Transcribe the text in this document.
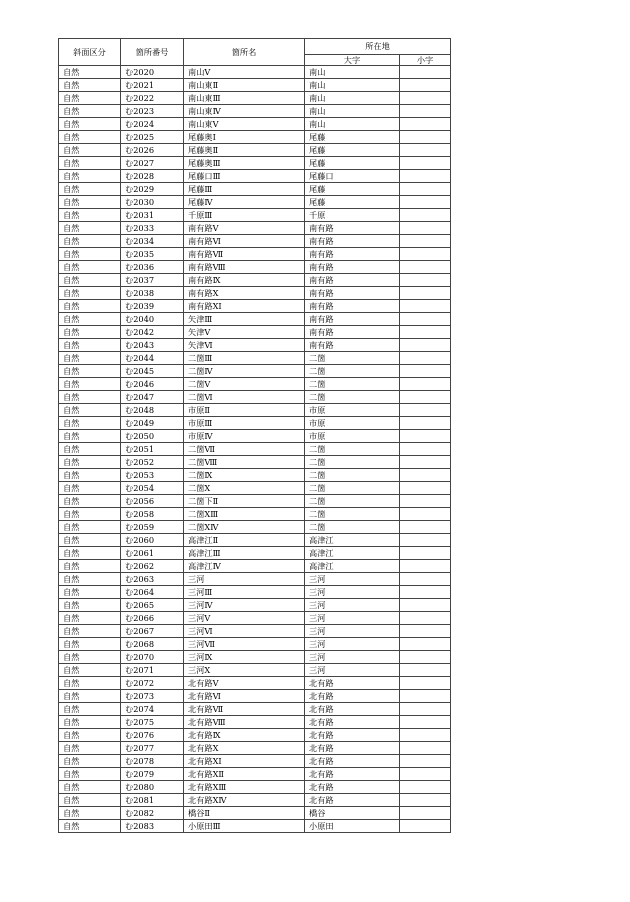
斜面区分	箇所番号	箇所名	所在地	
			大字	小字
自然	む2020	南山Ⅴ	南山	
自然	む2021	南山東Ⅱ	南山	
自然	む2022	南山東Ⅲ	南山	
自然	む2023	南山東Ⅳ	南山	
自然	む2024	南山東Ⅴ	南山	
自然	む2025	尾藤奥Ⅰ	尾藤	
自然	む2026	尾藤奥Ⅱ	尾藤	
自然	む2027	尾藤奥Ⅲ	尾藤	
自然	む2028	尾藤口Ⅲ	尾藤口	
自然	む2029	尾藤Ⅲ	尾藤	
自然	む2030	尾藤Ⅳ	尾藤	
自然	む2031	千原Ⅲ	千原	
自然	む2033	南有路Ⅴ	南有路	
自然	む2034	南有路Ⅵ	南有路	
自然	む2035	南有路Ⅶ	南有路	
自然	む2036	南有路Ⅷ	南有路	
自然	む2037	南有路Ⅸ	南有路	
自然	む2038	南有路Ⅹ	南有路	
自然	む2039	南有路ⅩⅠ	南有路	
自然	む2040	矢津Ⅲ	南有路	
自然	む2042	矢津Ⅴ	南有路	
自然	む2043	矢津Ⅵ	南有路	
自然	む2044	二箇Ⅲ	二箇	
自然	む2045	二箇Ⅳ	二箇	
自然	む2046	二箇Ⅴ	二箇	
自然	む2047	二箇Ⅵ	二箇	
自然	む2048	市原Ⅱ	市原	
自然	む2049	市原Ⅲ	市原	
自然	む2050	市原Ⅳ	市原	
自然	む2051	二箇Ⅶ	二箇	
自然	む2052	二箇Ⅷ	二箇	
自然	む2053	二箇Ⅸ	二箇	
自然	む2054	二箇Ⅹ	二箇	
自然	む2056	二箇下Ⅱ	二箇	
自然	む2058	二箇ⅩⅢ	二箇	
自然	む2059	二箇ⅩⅣ	二箇	
自然	む2060	高津江Ⅱ	高津江	
自然	む2061	高津江Ⅲ	高津江	
自然	む2062	高津江Ⅳ	高津江	
自然	む2063	三河	三河	
自然	む2064	三河Ⅲ	三河	
自然	む2065	三河Ⅳ	三河	
自然	む2066	三河Ⅴ	三河	
自然	む2067	三河Ⅵ	三河	
自然	む2068	三河Ⅶ	三河	
自然	む2070	三河Ⅸ	三河	
自然	む2071	三河Ⅹ	三河	
自然	む2072	北有路Ⅴ	北有路	
自然	む2073	北有路Ⅵ	北有路	
自然	む2074	北有路Ⅶ	北有路	
自然	む2075	北有路Ⅷ	北有路	
自然	む2076	北有路Ⅸ	北有路	
自然	む2077	北有路Ⅹ	北有路	
自然	む2078	北有路ⅩⅠ	北有路	
自然	む2079	北有路ⅩⅡ	北有路	
自然	む2080	北有路ⅩⅢ	北有路	
自然	む2081	北有路ⅩⅣ	北有路	
自然	む2082	橋谷Ⅱ	橋谷	
自然	む2083	小原田Ⅲ	小原田	
